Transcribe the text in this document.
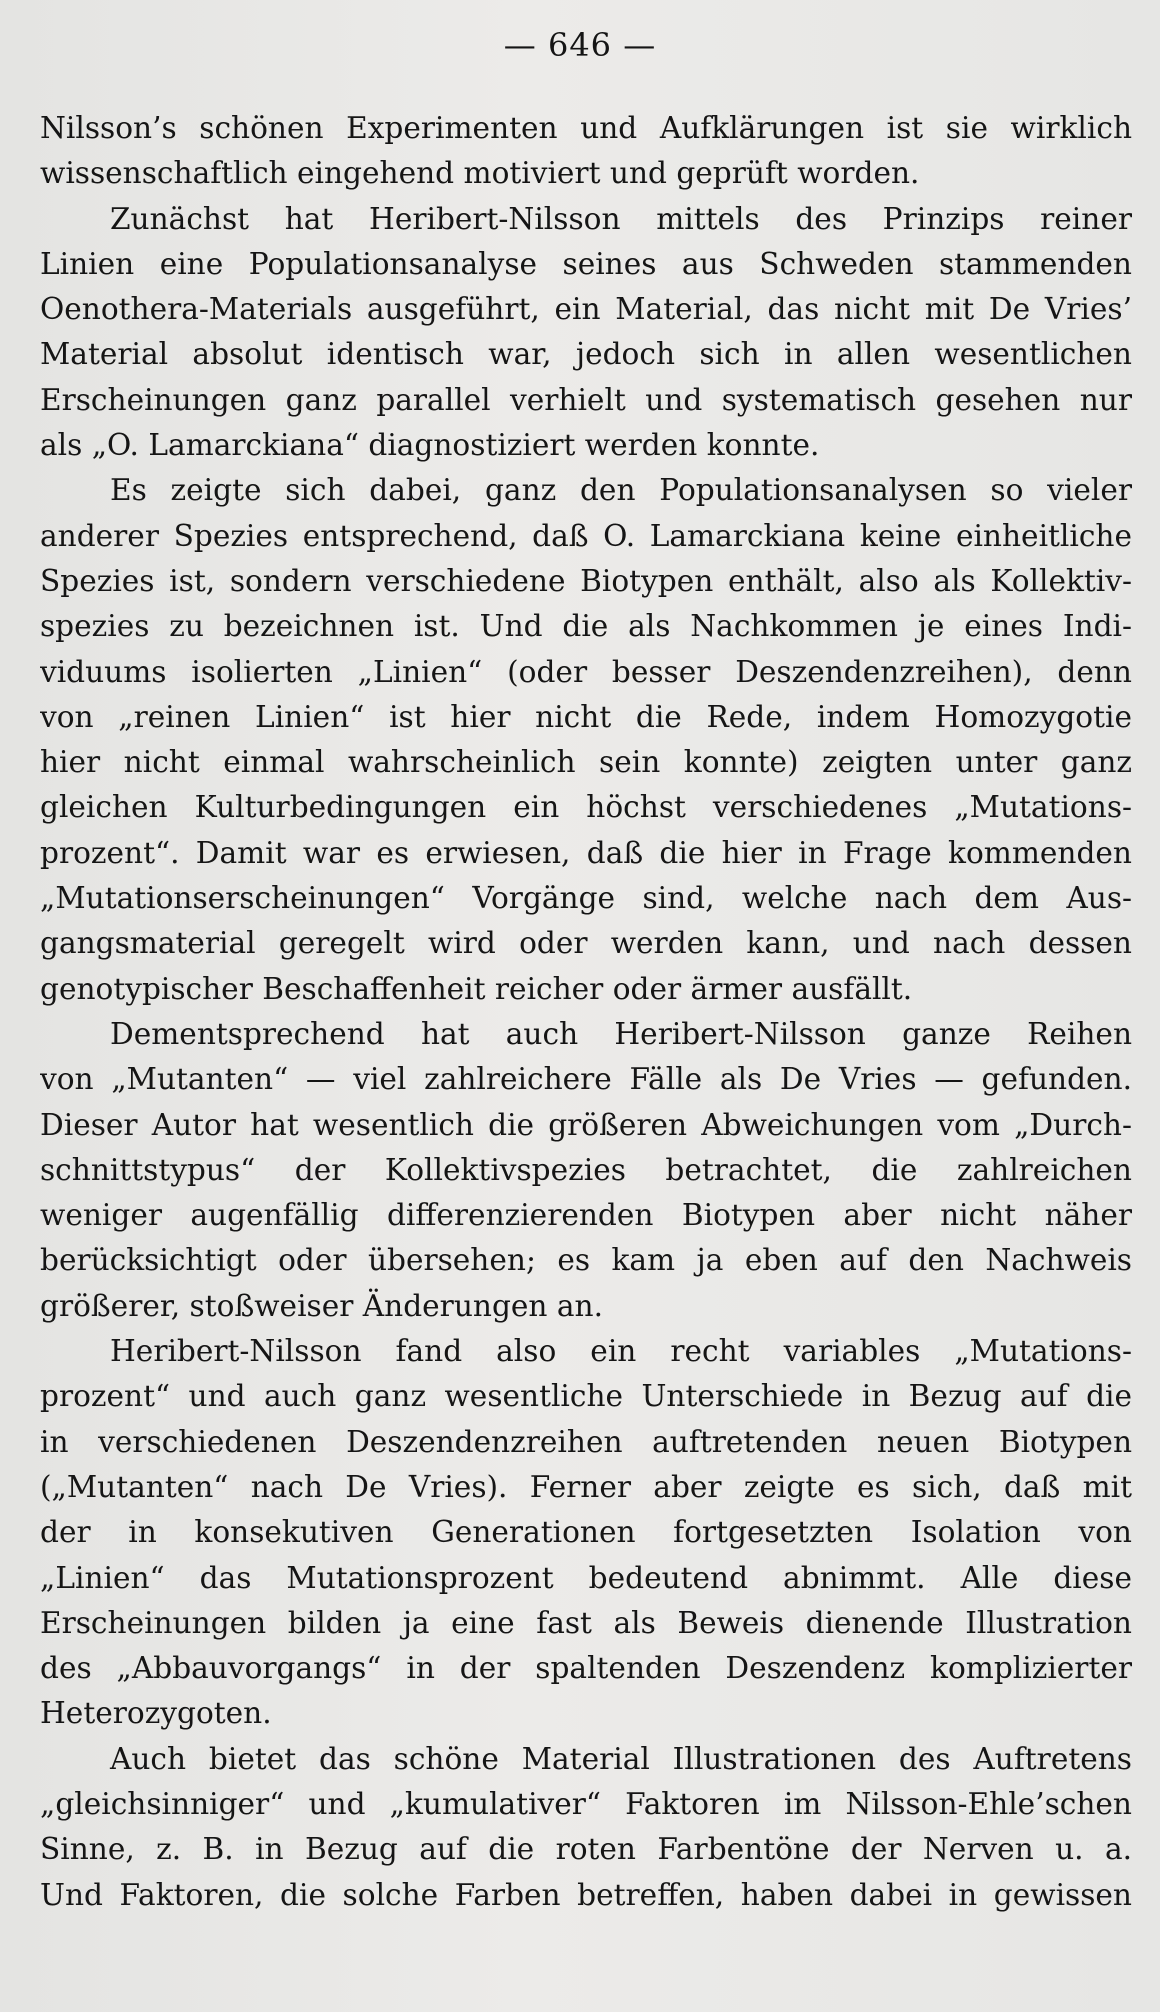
— 646 —
Nilsson’s schönen Experimenten und Aufklärungen ist sie wirklich
wissenschaftlich eingehend motiviert und geprüft worden.
Zunächst hat Heribert-Nilsson mittels des Prinzips reiner
Linien eine Populationsanalyse seines aus Schweden stammenden
Oenothera-Materials ausgeführt, ein Material, das nicht mit De Vries’
Material absolut identisch war, jedoch sich in allen wesentlichen
Erscheinungen ganz parallel verhielt und systematisch gesehen nur
als „O. Lamarckiana“ diagnostiziert werden konnte.
Es zeigte sich dabei, ganz den Populationsanalysen so vieler
anderer Spezies entsprechend, daß O. Lamarckiana keine einheitliche
Spezies ist, sondern verschiedene Biotypen enthält, also als Kollektiv-
spezies zu bezeichnen ist. Und die als Nachkommen je eines Indi-
viduums isolierten „Linien“ (oder besser Deszendenzreihen), denn
von „reinen Linien“ ist hier nicht die Rede, indem Homozygotie
hier nicht einmal wahrscheinlich sein konnte) zeigten unter ganz
gleichen Kulturbedingungen ein höchst verschiedenes „Mutations-
prozent“. Damit war es erwiesen, daß die hier in Frage kommenden
„Mutationserscheinungen“ Vorgänge sind, welche nach dem Aus-
gangsmaterial geregelt wird oder werden kann, und nach dessen
genotypischer Beschaffenheit reicher oder ärmer ausfällt.
Dementsprechend hat auch Heribert-Nilsson ganze Reihen
von „Mutanten“ — viel zahlreichere Fälle als De Vries — gefunden.
Dieser Autor hat wesentlich die größeren Abweichungen vom „Durch-
schnittstypus“ der Kollektivspezies betrachtet, die zahlreichen
weniger augenfällig differenzierenden Biotypen aber nicht näher
berücksichtigt oder übersehen; es kam ja eben auf den Nachweis
größerer, stoßweiser Änderungen an.
Heribert-Nilsson fand also ein recht variables „Mutations-
prozent“ und auch ganz wesentliche Unterschiede in Bezug auf die
in verschiedenen Deszendenzreihen auftretenden neuen Biotypen
(„Mutanten“ nach De Vries). Ferner aber zeigte es sich, daß mit
der in konsekutiven Generationen fortgesetzten Isolation von
„Linien“ das Mutationsprozent bedeutend abnimmt. Alle diese
Erscheinungen bilden ja eine fast als Beweis dienende Illustration
des „Abbauvorgangs“ in der spaltenden Deszendenz komplizierter
Heterozygoten.
Auch bietet das schöne Material Illustrationen des Auftretens
„gleichsinniger“ und „kumulativer“ Faktoren im Nilsson-Ehle’schen
Sinne, z. B. in Bezug auf die roten Farbentöne der Nerven u. a.
Und Faktoren, die solche Farben betreffen, haben dabei in gewissen
